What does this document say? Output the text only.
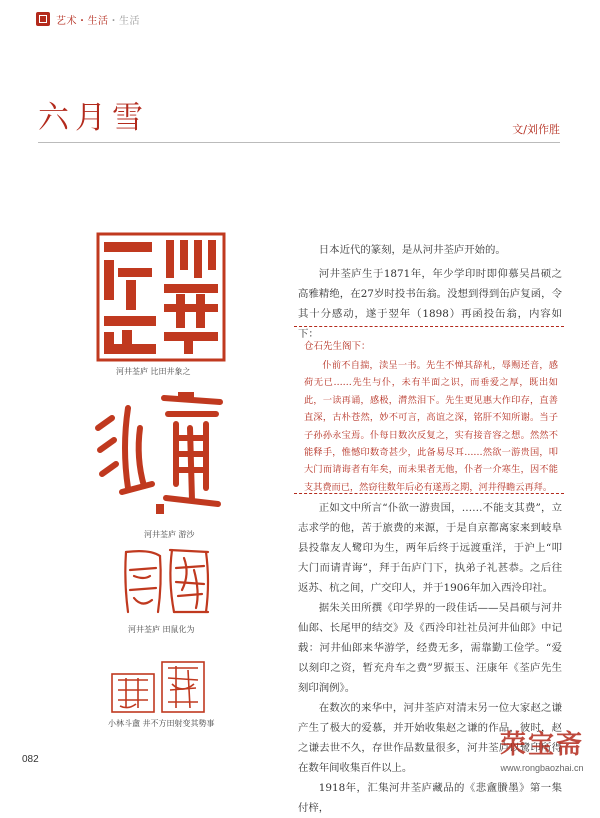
艺术・生活・生活
六月雪	文/刘作胜
河井荃庐 比田井象之
河井荃庐 游沙
河井荃庐 田鼠化为
小林斗盦 井不方田射变其勢事

日本近代的篆刻，是从河井荃庐开始的。

河井荃庐生于1871年，年少学印时即仰慕吴昌硕之高雅精绝，在27岁时投书缶翁。没想到得到缶庐复函，令其十分感动，遂于翌年（1898）再函投缶翁，内容如下：

仓石先生阁下：
仆前不自揣，渎呈一书。先生不惮其辞札，辱赐还音，感荷无已……先生与仆，未有半面之识，而垂爱之厚，既出如此，一读再诵，感极，潸然泪下。先生更见惠大作印存，直善直深，古朴苍然，妙不可言，高谊之深，铭肝不知所谢。当子子孙孙永宝焉。仆每日数次反复之，实有接音容之想。然然不能释手，惟憾印数奇甚少，此备易尽耳……然欲一游贵国，叩大门而请诲者有年矣，而未果者无他，仆者一介寒生，因不能支其费而已，然窃往数年后必有遂焉之期，河井得瞻云再拜。

正如文中所言“仆欲一游贵国，……不能支其费”，立志求学的他，苦于旅费的来源，于是自京都离家来到岐阜县投靠友人鹭印为生，两年后终于远渡重洋，于沪上“叩大门而请青诲”，拜于缶庐门下，执弟子礼甚恭。之后往返苏、杭之间，广交印人，并于1906年加入西泠印社。

据朱关田所撰《印学界的一段佳话——吴昌硕与河井仙郎、长尾甲的结交》及《西泠印社社员河井仙郎》中记载：河井仙郎来华游学，经费无多，需靠勤工俭学。“爱以刻印之资，暂充舟车之费”罗振玉、汪康年《荃庐先生刻印润例》。

在数次的来华中，河井荃庐对清末另一位大家赵之谦产生了极大的爱慕，并开始收集赵之谦的作品，彼时，赵之谦去世不久，存世作品数量很多，河井荃庐以鹭印所得在数年间收集百件以上。

1918年，汇集河井荃庐藏品的《悲盦賸墨》第一集付梓，

082	荣宝斋
www.rongbaozhai.cn
